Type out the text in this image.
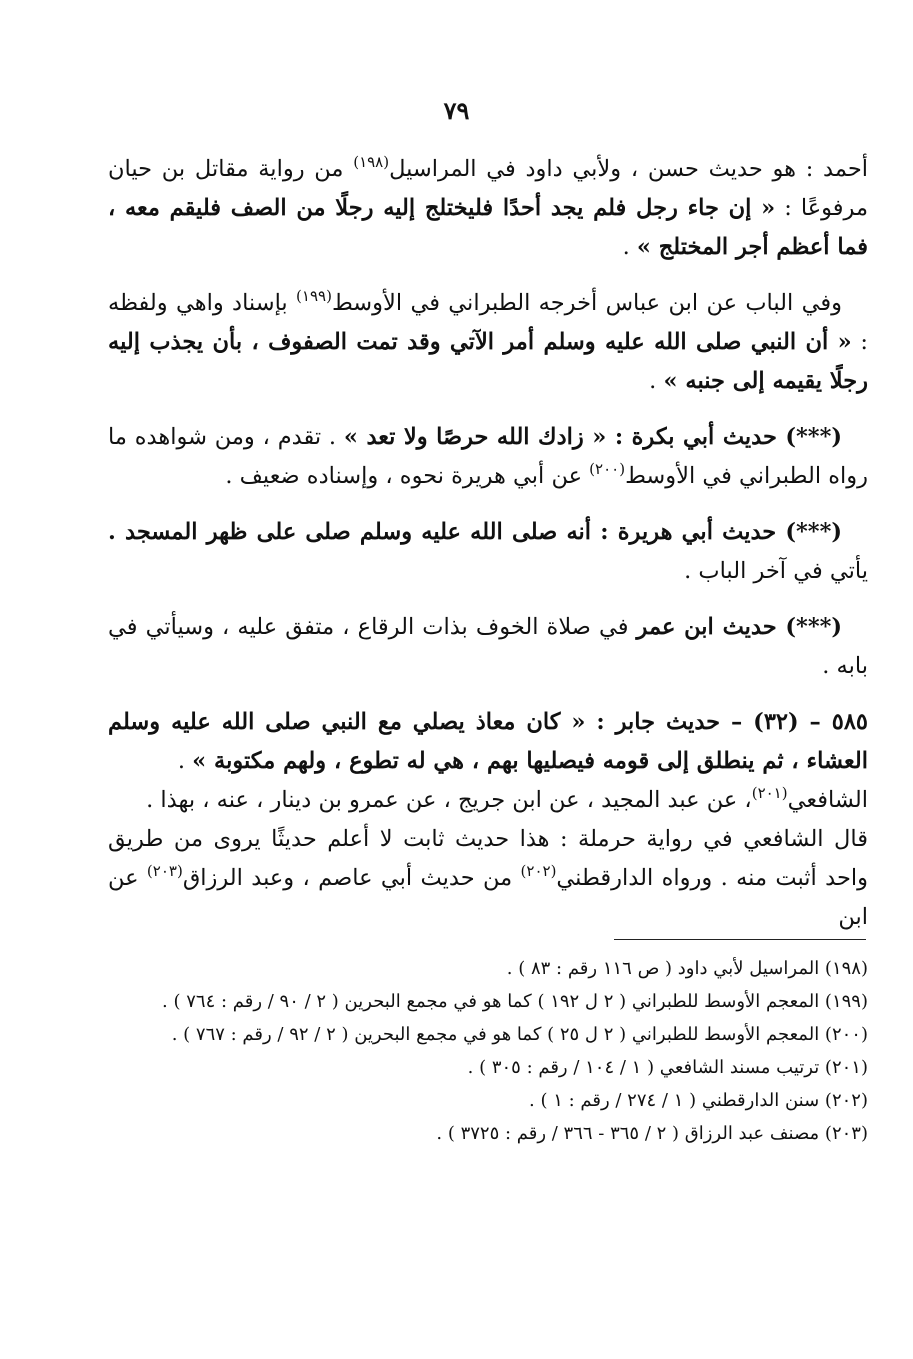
٧٩

أحمد : هو حديث حسن ، ولأبي داود في المراسيل$^{(١٩٨)}$ من رواية مقاتل بن حيان مرفوعًا : « إن جاء رجل فلم يجد أحدًا فليختلج إليه رجلًا من الصف فليقم معه ، فما أعظم أجر المختلج » .

وفي الباب عن ابن عباس أخرجه الطبراني في الأوسط$^{(١٩٩)}$ بإسناد واهي ولفظه : « أن النبي صلى الله عليه وسلم أمر الآتي وقد تمت الصفوف ، بأن يجذب إليه رجلًا يقيمه إلى جنبه » .

(***) حديث أبي بكرة : « زادك الله حرصًا ولا تعد » . تقدم ، ومن شواهده ما رواه الطبراني في الأوسط$^{(٢٠٠)}$ عن أبي هريرة نحوه ، وإسناده ضعيف .

(***) حديث أبي هريرة : أنه صلى الله عليه وسلم صلى على ظهر المسجد . يأتي في آخر الباب .

(***) حديث ابن عمر في صلاة الخوف بذات الرقاع ، متفق عليه ، وسيأتي في بابه .

٥٨٥ – (٣٢) – حديث جابر : « كان معاذ يصلي مع النبي صلى الله عليه وسلم العشاء ، ثم ينطلق إلى قومه فيصليها بهم ، هي له تطوع ، ولهم مكتوبة » .

الشافعي$^{(٢٠١)}$، عن عبد المجيد ، عن ابن جريج ، عن عمرو بن دينار ، عنه ، بهذا .

قال الشافعي في رواية حرملة : هذا حديث ثابت لا أعلم حديثًا يروى من طريق واحد أثبت منه . ورواه الدارقطني$^{(٢٠٢)}$ من حديث أبي عاصم ، وعبد الرزاق$^{(٢٠٣)}$ عن ابن

(١٩٨) المراسيل لأبي داود ( ص ١١٦ رقم : ٨٣ ) .

(١٩٩) المعجم الأوسط للطبراني ( ٢ ل ١٩٢ ) كما هو في مجمع البحرين ( ٢ / ٩٠ / رقم : ٧٦٤ ) .

(٢٠٠) المعجم الأوسط للطبراني ( ٢ ل ٢٥ ) كما هو في مجمع البحرين ( ٢ / ٩٢ / رقم : ٧٦٧ ) .

(٢٠١) ترتيب مسند الشافعي ( ١ / ١٠٤ / رقم : ٣٠٥ ) .

(٢٠٢) سنن الدارقطني ( ١ / ٢٧٤ / رقم : ١ ) .

(٢٠٣) مصنف عبد الرزاق ( ٢ / ٣٦٥ - ٣٦٦ / رقم : ٣٧٢٥ ) .
